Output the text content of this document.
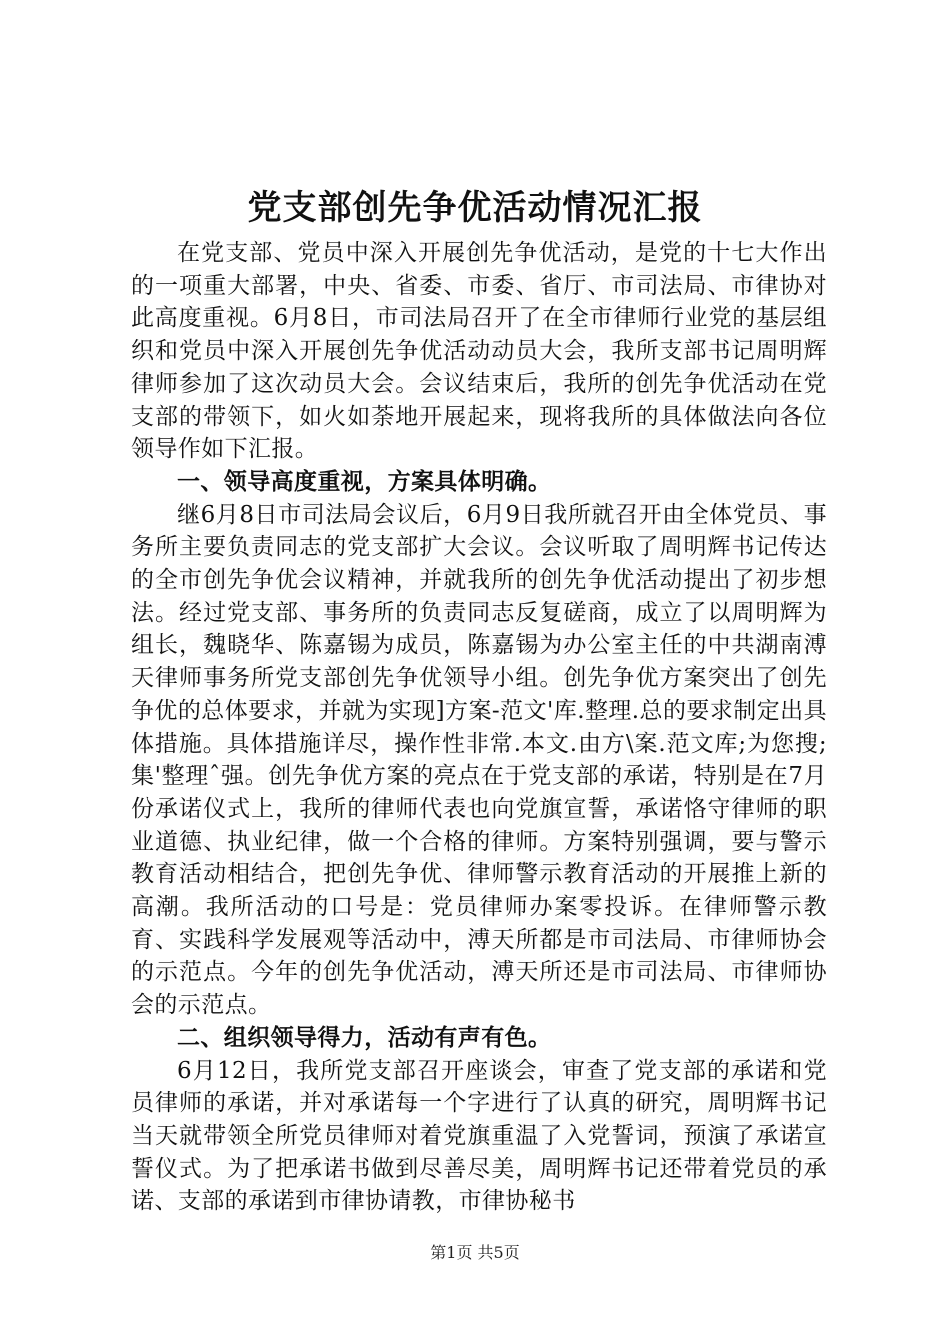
党支部创先争优活动情况汇报

在党支部、党员中深入开展创先争优活动，是党的十七大作出的一项重大部署，中央、省委、市委、省厅、市司法局、市律协对此高度重视。6月8日，市司法局召开了在全市律师行业党的基层组织和党员中深入开展创先争优活动动员大会，我所支部书记周明辉律师参加了这次动员大会。会议结束后，我所的创先争优活动在党支部的带领下，如火如荼地开展起来，现将我所的具体做法向各位领导作如下汇报。

一、领导高度重视，方案具体明确。

继6月8日市司法局会议后，6月9日我所就召开由全体党员、事务所主要负责同志的党支部扩大会议。会议听取了周明辉书记传达的全市创先争优会议精神，并就我所的创先争优活动提出了初步想法。经过党支部、事务所的负责同志反复磋商，成立了以周明辉为组长，魏晓华、陈嘉锡为成员，陈嘉锡为办公室主任的中共湖南溥天律师事务所党支部创先争优领导小组。创先争优方案突出了创先争优的总体要求，并就为实现]方案-范文'库.整理.总的要求制定出具体措施。具体措施详尽，操作性非常.本文.由方\案.范文库;为您搜;集'整理ˆ强。创先争优方案的亮点在于党支部的承诺，特别是在7月份承诺仪式上，我所的律师代表也向党旗宣誓，承诺恪守律师的职业道德、执业纪律，做一个合格的律师。方案特别强调，要与警示教育活动相结合，把创先争优、律师警示教育活动的开展推上新的高潮。我所活动的口号是：党员律师办案零投诉。在律师警示教育、实践科学发展观等活动中，溥天所都是市司法局、市律师协会的示范点。今年的创先争优活动，溥天所还是市司法局、市律师协会的示范点。

二、组织领导得力，活动有声有色。

6月12日，我所党支部召开座谈会，审查了党支部的承诺和党员律师的承诺，并对承诺每一个字进行了认真的研究，周明辉书记当天就带领全所党员律师对着党旗重温了入党誓词，预演了承诺宣誓仪式。为了把承诺书做到尽善尽美，周明辉书记还带着党员的承诺、支部的承诺到市律协请教，市律协秘书

第1页 共5页
